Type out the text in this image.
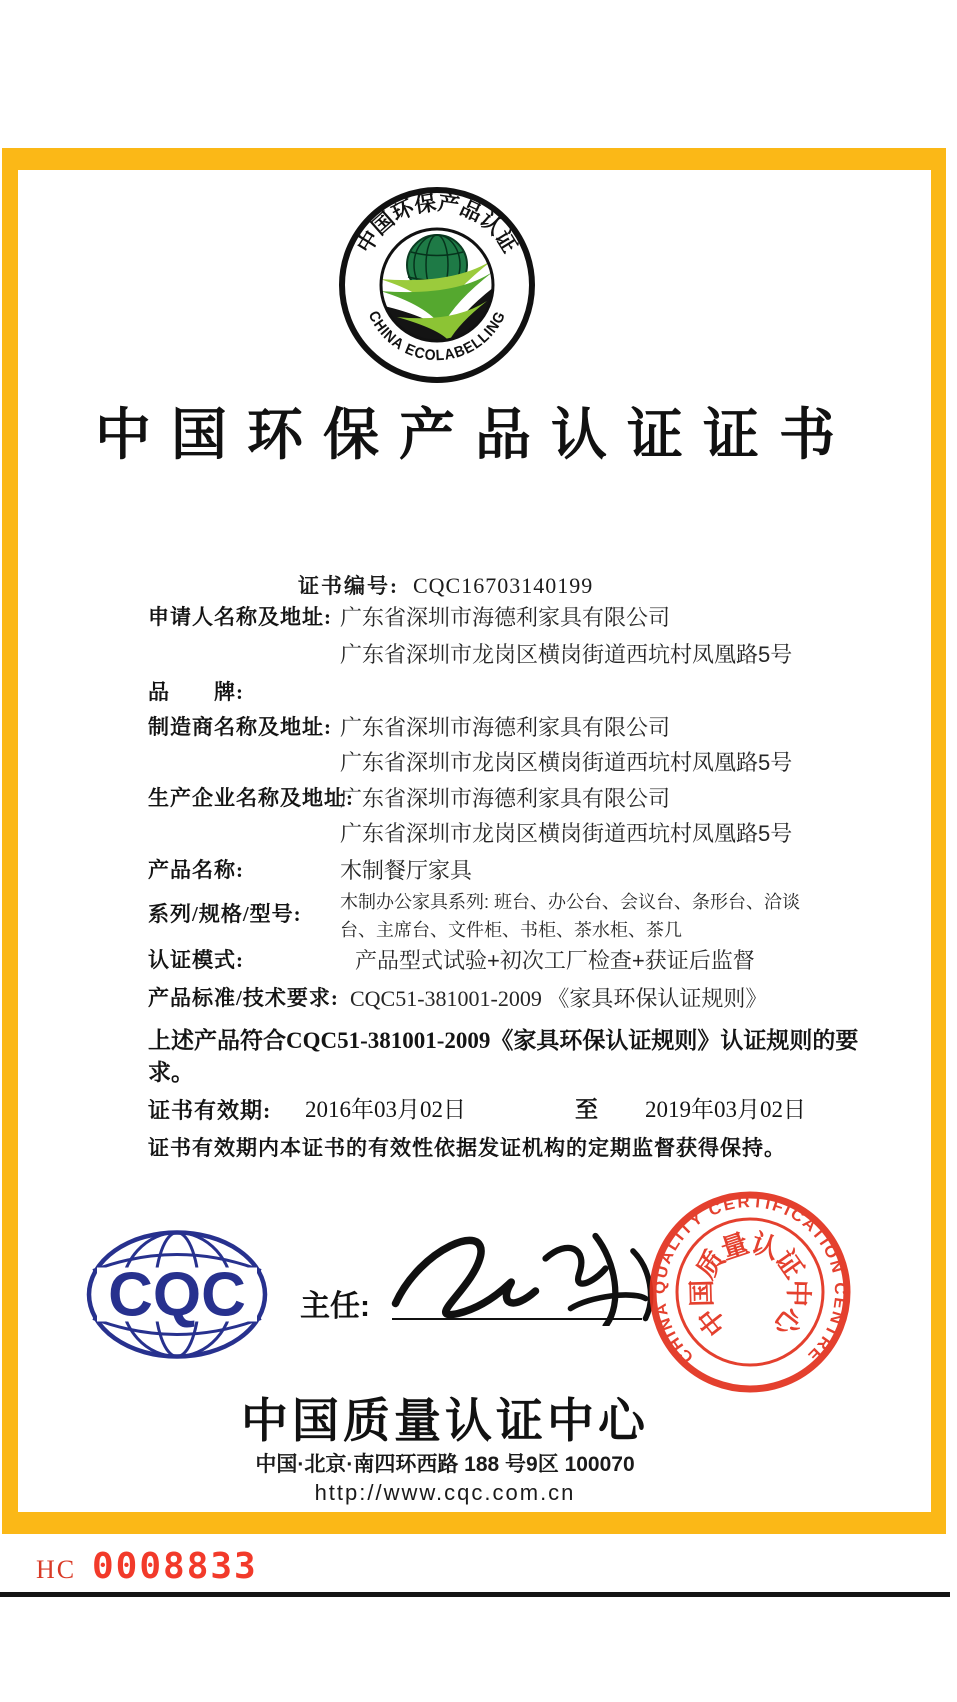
中国环保产品认证
CHINA ECOLABELLING
中国环保产品认证证书
证书编号: CQC16703140199
申请人名称及地址: 广东省深圳市海德利家具有限公司
广东省深圳市龙岗区横岗街道西坑村凤凰路5号
品　　牌:
制造商名称及地址: 广东省深圳市海德利家具有限公司
广东省深圳市龙岗区横岗街道西坑村凤凰路5号
生产企业名称及地址:
广东省深圳市海德利家具有限公司
广东省深圳市龙岗区横岗街道西坑村凤凰路5号
产品名称:	木制餐厅家具
系列/规格/型号: 木制办公家具系列: 班台、办公台、会议台、条形台、洽谈
台、主席台、文件柜、书柜、茶水柜、茶几
认证模式:	产品型式试验+初次工厂检查+获证后监督
产品标准/技术要求: CQC51-381001-2009 《家具环保认证规则》
上述产品符合CQC51-381001-2009《家具环保认证规则》认证规则的要
求。
证书有效期: 2016年03月02日	至 2019年03月02日
证书有效期内本证书的有效性依据发证机构的定期监督获得保持。
CQC 主任:
CHINA QUALITY CERTIFICATION CENTRE
中
国
质
量
认
证
中
心
中国质量认证中心
中国·北京·南四环西路 188 号9区 100070
http://www.cqc.com.cn
HC 0008833
